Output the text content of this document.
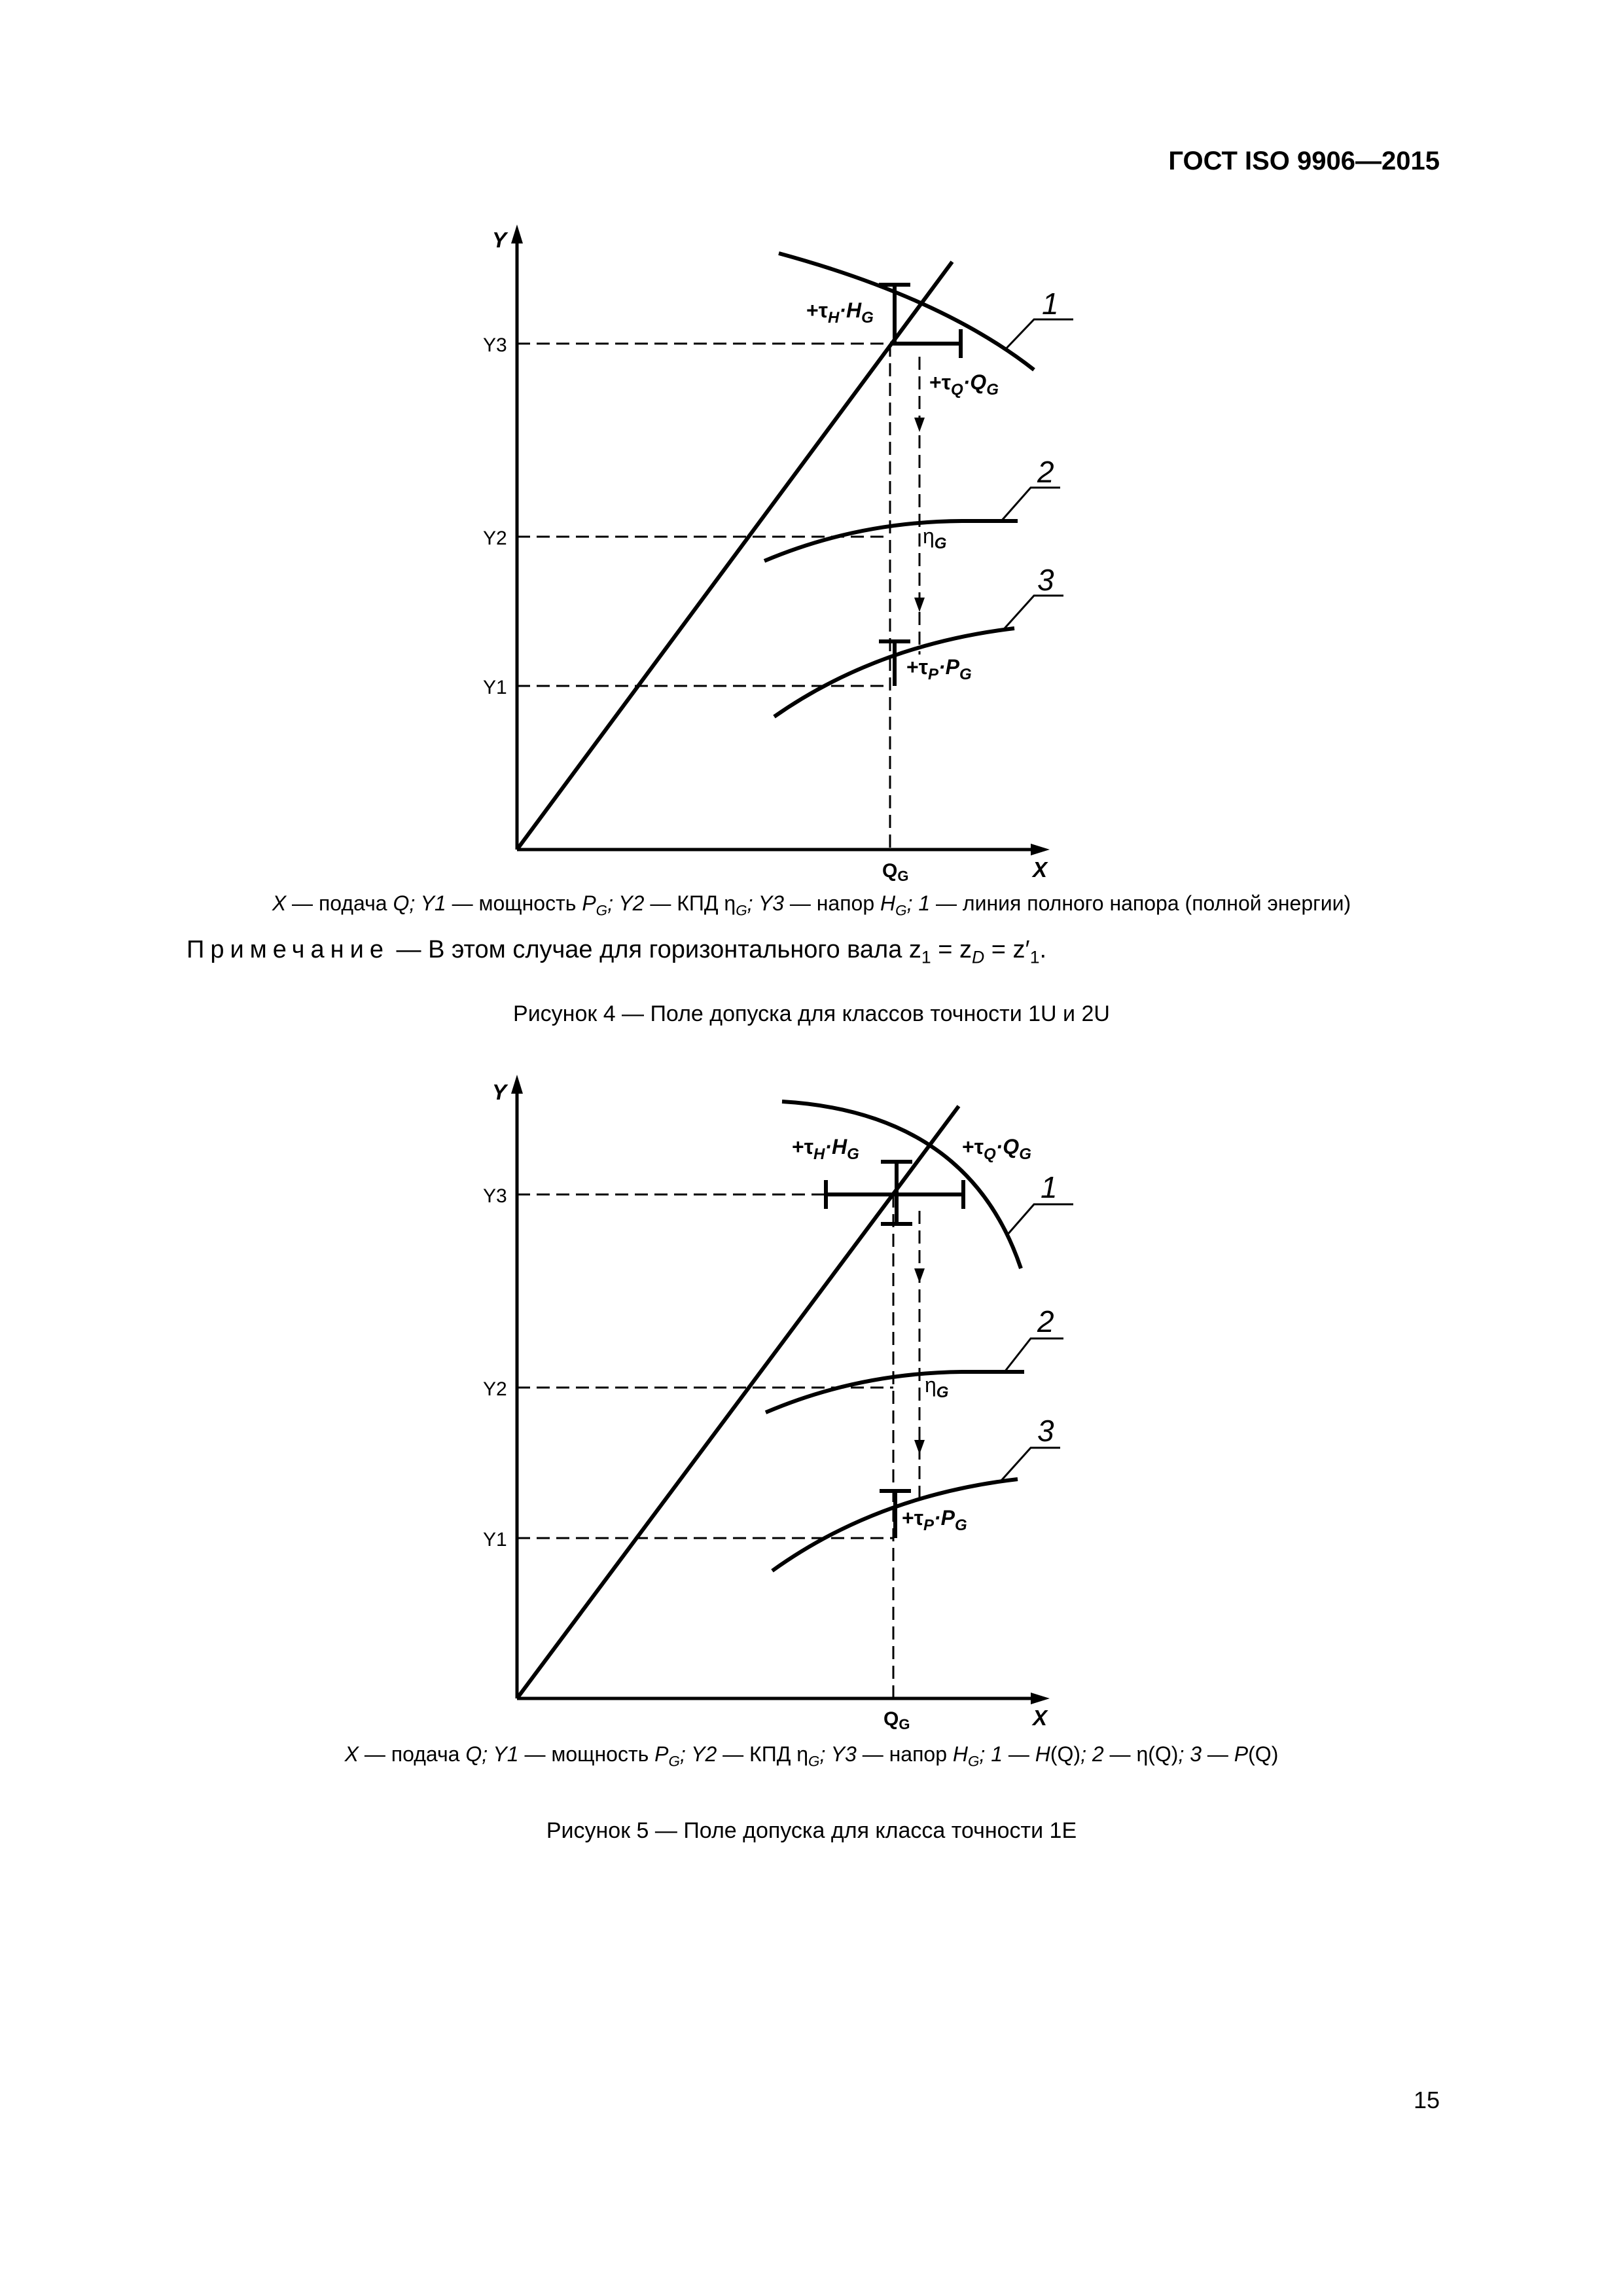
ГОСТ ISO 9906—2015
Y
X
Y3
Y2
Y1
$Q_G$
$+\tau_H\cdot H_G$
$+\tau_Q\cdot Q_G$
$\eta_G$
$+\tau_P\cdot P_G$
1
2
3
X — подача Q; Y1 — мощность $P_G$; Y2 — КПД $\eta_G$; Y3 — напор $H_G$; 1 — линия полного напора (полной энергии)
Примечание — В этом случае для горизонтального вала $z_1 = z_D = z'_1$.
Рисунок 4 — Поле допуска для классов точности 1U и 2U
Y
X
Y3
Y2
Y1
$Q_G$
$+\tau_H\cdot H_G$	$+\tau_Q\cdot Q_G$
$\eta_G$
$+\tau_P\cdot P_G$
1
2
3
X — подача Q; Y1 — мощность $P_G$; Y2 — КПД $\eta_G$; Y3 — напор $H_G$; 1 — H(Q); 2 — η(Q); 3 — P(Q)
Рисунок 5 — Поле допуска для класса точности 1E
15
